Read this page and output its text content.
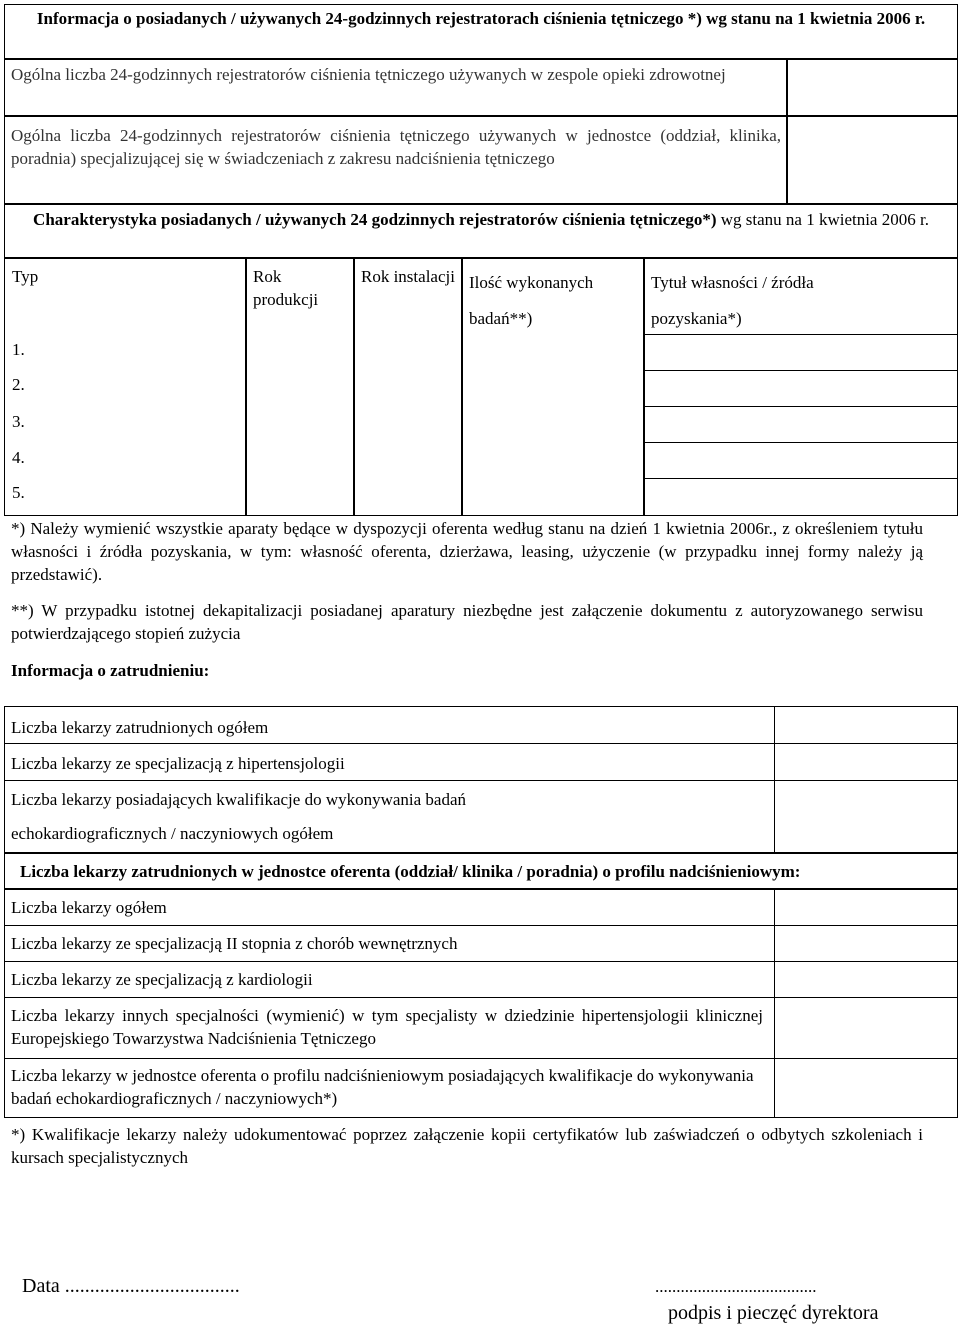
Informacja o posiadanych / używanych 24-godzinnych rejestratorach ciśnienia tętniczego *) wg stanu na 1 kwietnia 2006 r.
Ogólna liczba 24-godzinnych rejestratorów ciśnienia tętniczego używanych w zespole opieki zdrowotnej
Ogólna liczba 24-godzinnych rejestratorów ciśnienia tętniczego używanych w jednostce (oddział, klinika, poradnia) specjalizującej się w świadczeniach z zakresu nadciśnienia tętniczego
Charakterystyka posiadanych / używanych 24 godzinnych rejestratorów ciśnienia tętniczego*) wg stanu na 1 kwietnia 2006 r.
Typ	Rok produkcji
Rok instalacji Ilość wykonanych badań**)
Tytuł własności / źródła pozyskania*)
1.
2.
3.
4.
5.
*) Należy wymienić wszystkie aparaty będące w dyspozycji oferenta według stanu na dzień 1 kwietnia 2006r., z określeniem tytułu własności i źródła pozyskania, w tym: własność oferenta, dzierżawa, leasing, użyczenie (w przypadku innej formy należy ją przedstawić).
**) W przypadku istotnej dekapitalizacji posiadanej aparatury niezbędne jest załączenie dokumentu z autoryzowanego serwisu potwierdzającego stopień zużycia
Informacja o zatrudnieniu:
Liczba lekarzy zatrudnionych ogółem
Liczba lekarzy ze specjalizacją z hipertensjologii
Liczba lekarzy posiadających kwalifikacje do wykonywania badań
echokardiograficznych / naczyniowych ogółem
Liczba lekarzy zatrudnionych w jednostce oferenta (oddział/ klinika / poradnia) o profilu nadciśnieniowym:
Liczba lekarzy ogółem
Liczba lekarzy ze specjalizacją II stopnia z chorób wewnętrznych
Liczba lekarzy ze specjalizacją z kardiologii
Liczba lekarzy innych specjalności (wymienić) w tym specjalisty w dziedzinie hipertensjologii klinicznej Europejskiego Towarzystwa Nadciśnienia Tętniczego
Liczba lekarzy w jednostce oferenta o profilu nadciśnieniowym posiadających kwalifikacje do wykonywania badań echokardiograficznych / naczyniowych*)
*) Kwalifikacje lekarzy należy udokumentować poprzez załączenie kopii certyfikatów lub zaświadczeń o odbytych szkoleniach i kursach specjalistycznych
Data ...................................	......................................
podpis i pieczęć dyrektora
